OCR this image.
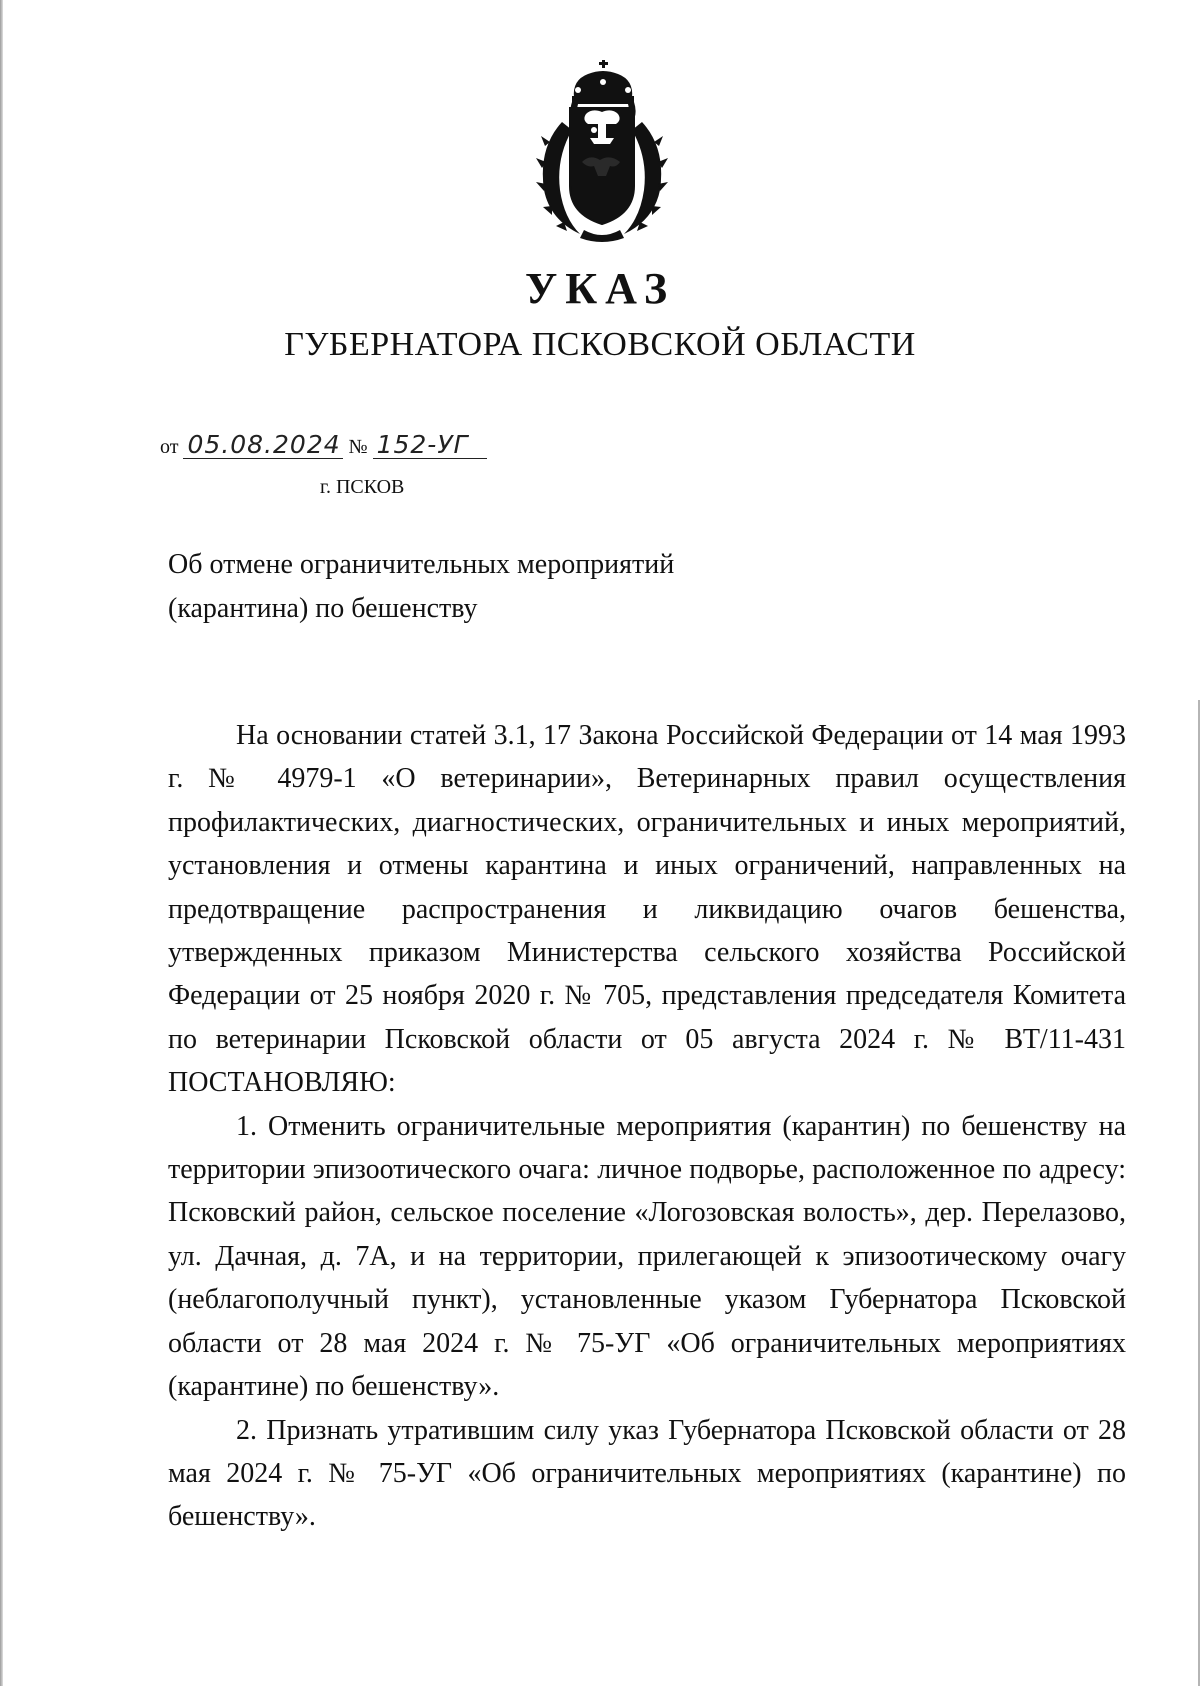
УКАЗ
ГУБЕРНАТОРА ПСКОВСКОЙ ОБЛАСТИ
от 05.08.2024 № 152-УГ
г. ПСКОВ
Об отмене ограничительных мероприятий
(карантина) по бешенству

На основании статей 3.1, 17 Закона Российской Федерации от 14 мая 1993 г. № 4979-1 «О ветеринарии», Ветеринарных правил осуществления профилактических, диагностических, ограничительных и иных мероприятий, установления и отмены карантина и иных ограничений, направленных на предотвращение распространения и ликвидацию очагов бешенства, утвержденных приказом Министерства сельского хозяйства Российской Федерации от 25 ноября 2020 г. № 705, представления председателя Комитета по ветеринарии Псковской области от 05 августа 2024 г. № ВТ/11-431 ПОСТАНОВЛЯЮ:

1. Отменить ограничительные мероприятия (карантин) по бешенству на территории эпизоотического очага: личное подворье, расположенное по адресу: Псковский район, сельское поселение «Логозовская волость», дер. Перелазово, ул. Дачная, д. 7А, и на территории, прилегающей к эпизоотическому очагу (неблагополучный пункт), установленные указом Губернатора Псковской области от 28 мая 2024 г. № 75-УГ «Об ограничительных мероприятиях (карантине) по бешенству».

2. Признать утратившим силу указ Губернатора Псковской области от 28 мая 2024 г. № 75-УГ «Об ограничительных мероприятиях (карантине) по бешенству».
